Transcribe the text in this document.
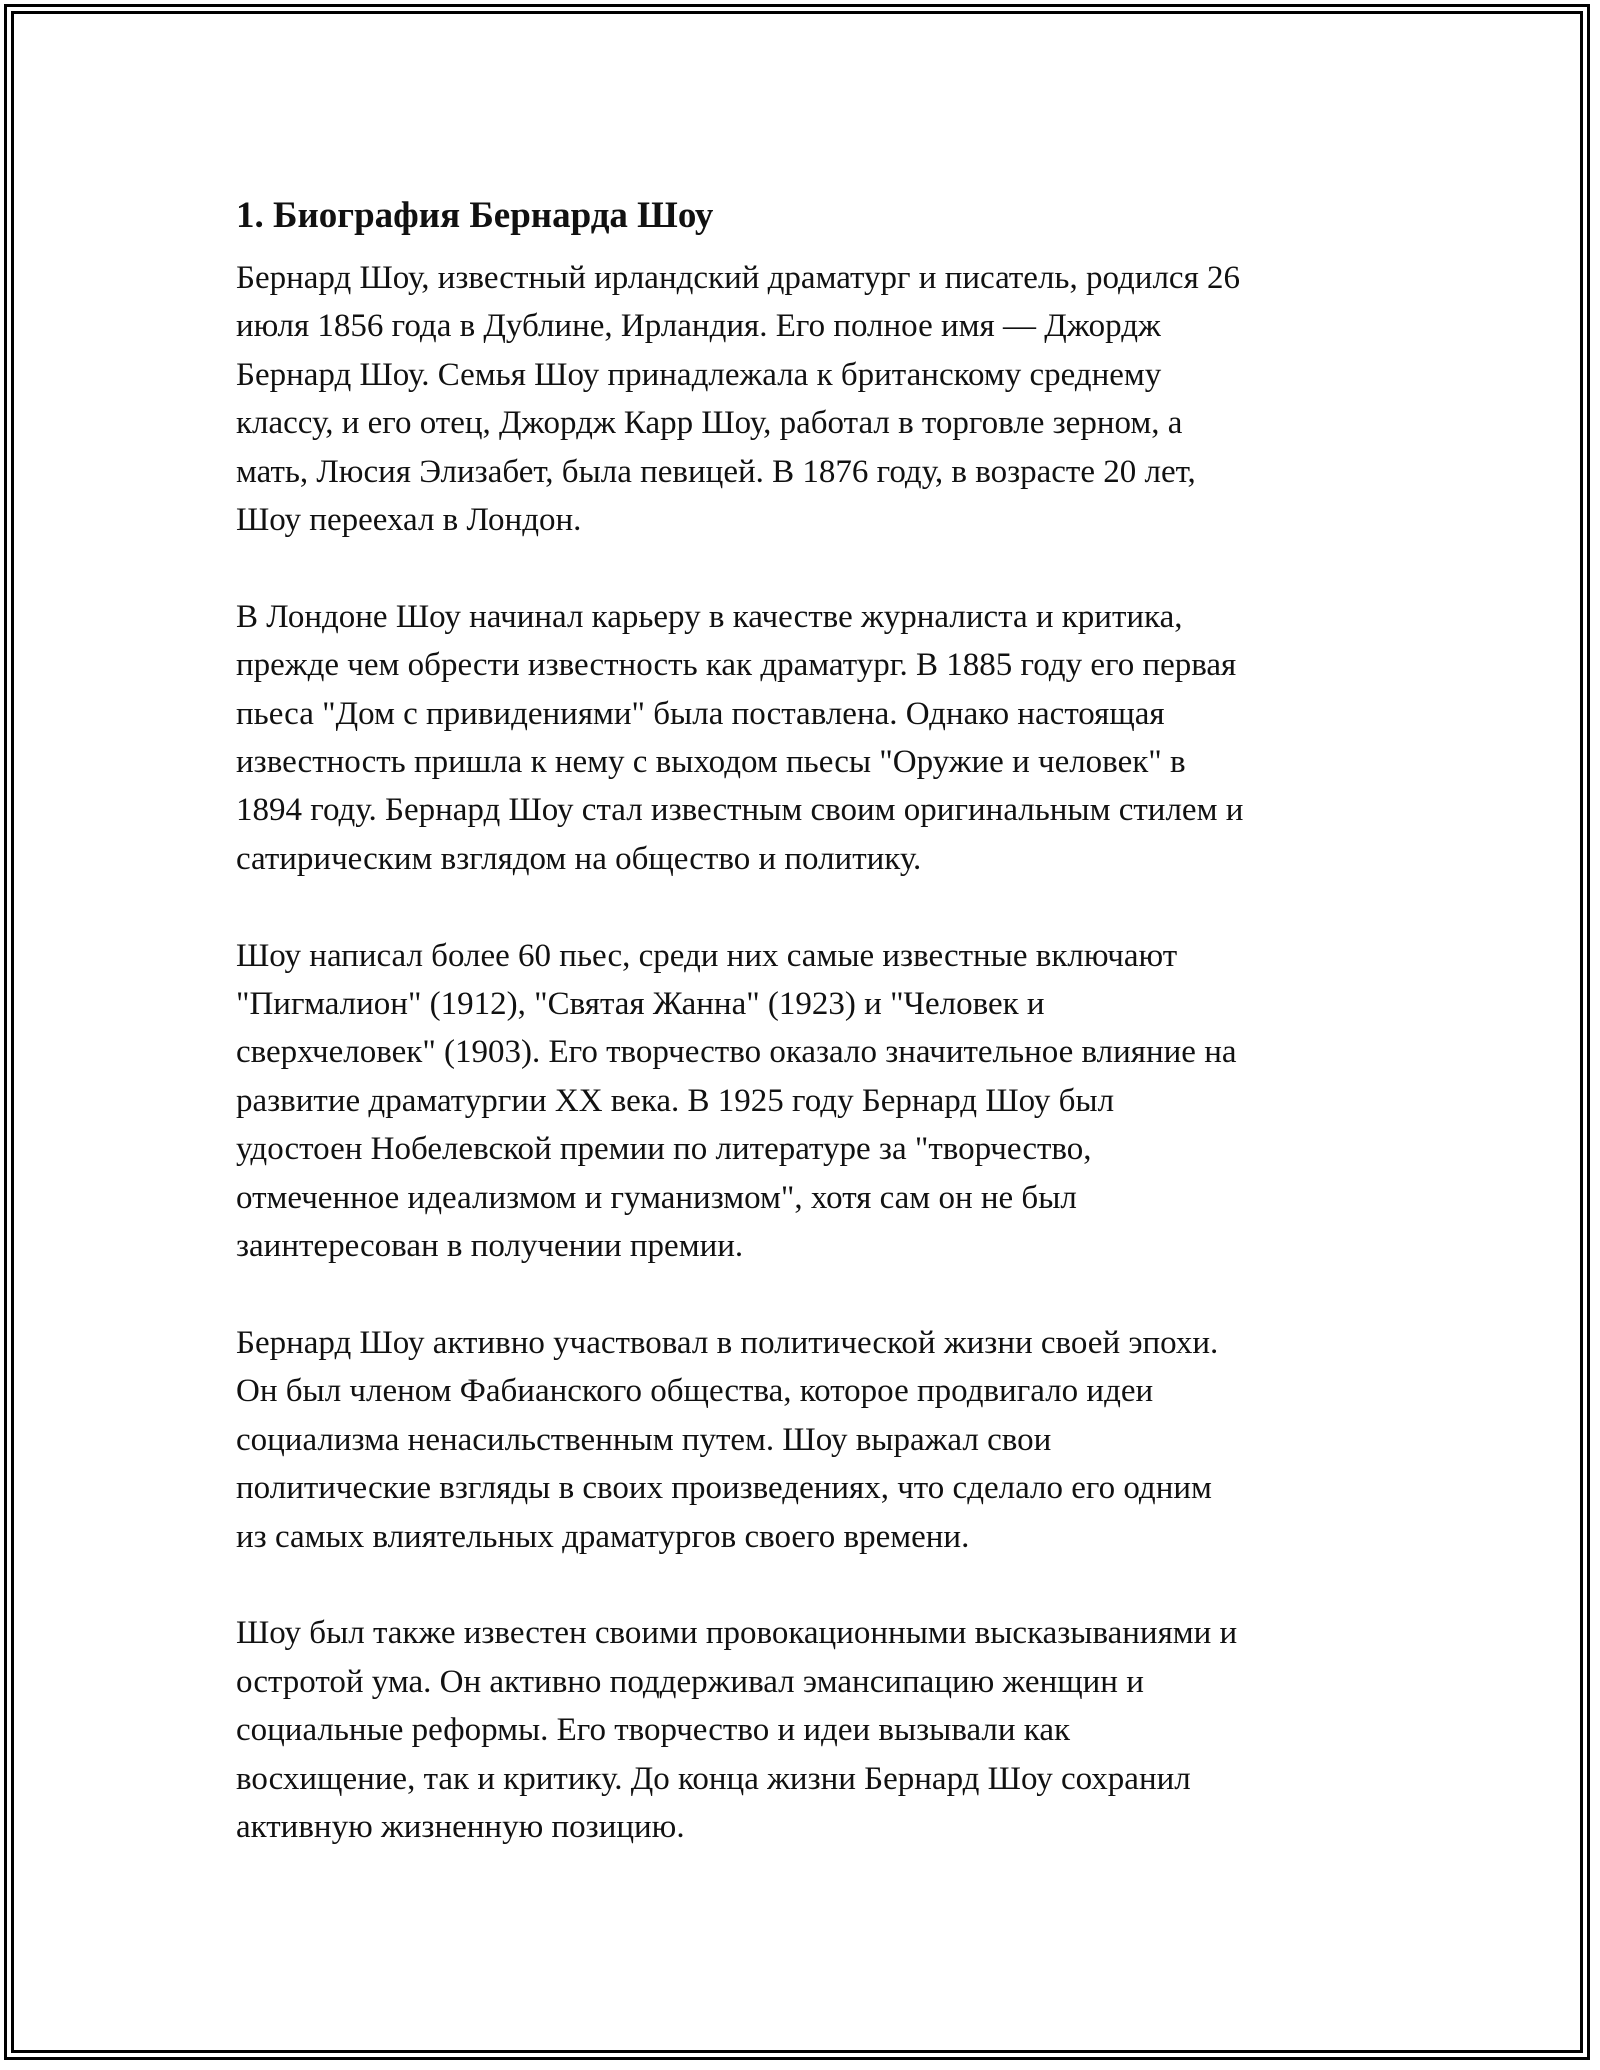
1. Биография Бернарда Шоу

Бернард Шоу, известный ирландский драматург и писатель, родился 26
июля 1856 года в Дублине, Ирландия. Его полное имя — Джордж
Бернард Шоу. Семья Шоу принадлежала к британскому среднему
классу, и его отец, Джордж Карр Шоу, работал в торговле зерном, а
мать, Люсия Элизабет, была певицей. В 1876 году, в возрасте 20 лет,
Шоу переехал в Лондон.

В Лондоне Шоу начинал карьеру в качестве журналиста и критика,
прежде чем обрести известность как драматург. В 1885 году его первая
пьеса "Дом с привидениями" была поставлена. Однако настоящая
известность пришла к нему с выходом пьесы "Оружие и человек" в
1894 году. Бернард Шоу стал известным своим оригинальным стилем и
сатирическим взглядом на общество и политику.

Шоу написал более 60 пьес, среди них самые известные включают
"Пигмалион" (1912), "Святая Жанна" (1923) и "Человек и
сверхчеловек" (1903). Его творчество оказало значительное влияние на
развитие драматургии XX века. В 1925 году Бернард Шоу был
удостоен Нобелевской премии по литературе за "творчество,
отмеченное идеализмом и гуманизмом", хотя сам он не был
заинтересован в получении премии.

Бернард Шоу активно участвовал в политической жизни своей эпохи.
Он был членом Фабианского общества, которое продвигало идеи
социализма ненасильственным путем. Шоу выражал свои
политические взгляды в своих произведениях, что сделало его одним
из самых влиятельных драматургов своего времени.

Шоу был также известен своими провокационными высказываниями и
остротой ума. Он активно поддерживал эмансипацию женщин и
социальные реформы. Его творчество и идеи вызывали как
восхищение, так и критику. До конца жизни Бернард Шоу сохранил
активную жизненную позицию.
